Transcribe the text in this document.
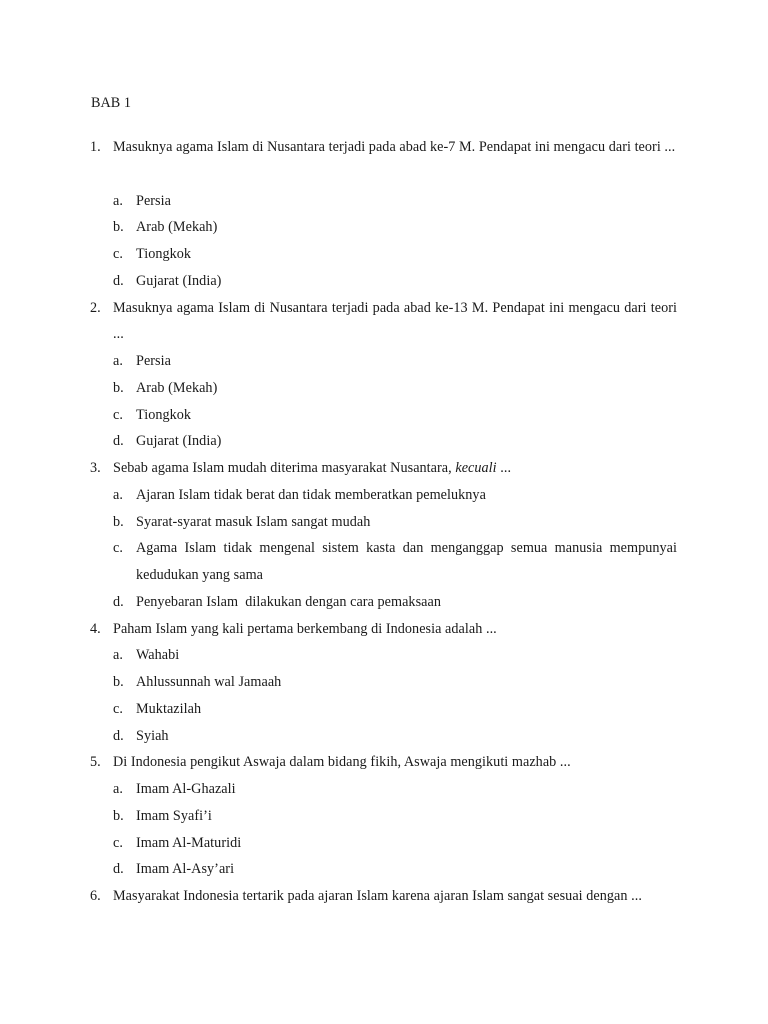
BAB 1
1. Masuknya agama Islam di Nusantara terjadi pada abad ke-7 M. Pendapat ini mengacu dari teori ...
a. Persia
b. Arab (Mekah)
c. Tiongkok
d. Gujarat (India)
2. Masuknya agama Islam di Nusantara terjadi pada abad ke-13 M. Pendapat ini mengacu dari teori ...
a. Persia
b. Arab (Mekah)
c. Tiongkok
d. Gujarat (India)
3. Sebab agama Islam mudah diterima masyarakat Nusantara, kecuali ...
a. Ajaran Islam tidak berat dan tidak memberatkan pemeluknya
b. Syarat-syarat masuk Islam sangat mudah
c. Agama Islam tidak mengenal sistem kasta dan menganggap semua manusia mempunyai kedudukan yang sama
d. Penyebaran Islam  dilakukan dengan cara pemaksaan
4. Paham Islam yang kali pertama berkembang di Indonesia adalah ...
a. Wahabi
b. Ahlussunnah wal Jamaah
c. Muktazilah
d. Syiah
5. Di Indonesia pengikut Aswaja dalam bidang fikih, Aswaja mengikuti mazhab ...
a. Imam Al-Ghazali
b. Imam Syafi’i
c. Imam Al-Maturidi
d. Imam Al-Asy’ari
6. Masyarakat Indonesia tertarik pada ajaran Islam karena ajaran Islam sangat sesuai dengan ...
